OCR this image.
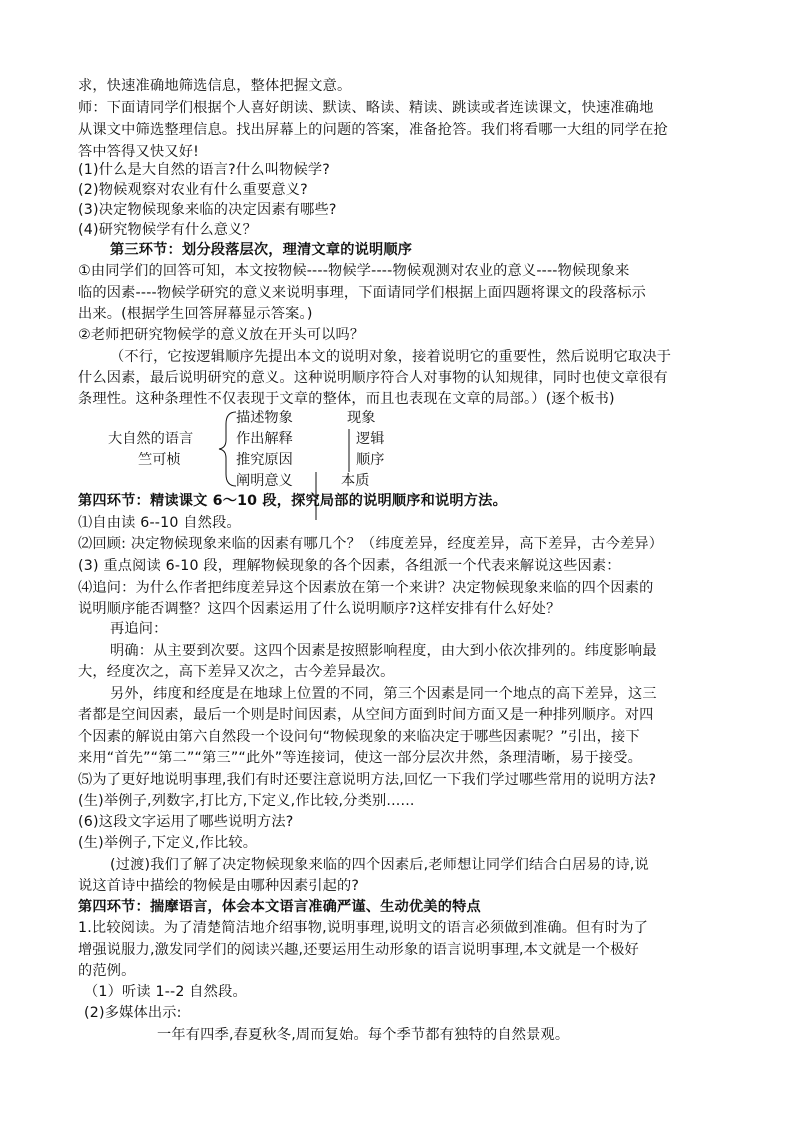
求，快速准确地筛选信息，整体把握文意。
师：下面请同学们根据个人喜好朗读、默读、略读、精读、跳读或者连读课文，快速准确地
从课文中筛选整理信息。找出屏幕上的问题的答案，准备抢答。我们将看哪一大组的同学在抢
答中答得又快又好!
(1)什么是大自然的语言?什么叫物候学?
(2)物候观察对农业有什么重要意义?
(3)决定物候现象来临的决定因素有哪些?
(4)研究物候学有什么意义？
第三环节：划分段落层次，理清文章的说明顺序
①由同学们的回答可知，本文按物候----物候学----物候观测对农业的意义----物候现象来
临的因素----物候学研究的意义来说明事理，下面请同学们根据上面四题将课文的段落标示
出来。(根据学生回答屏幕显示答案。)
②老师把研究物候学的意义放在开头可以吗？
（不行，它按逻辑顺序先提出本文的说明对象，接着说明它的重要性，然后说明它取决于
什么因素，最后说明研究的意义。这种说明顺序符合人对事物的认知规律，同时也使文章很有
条理性。这种条理性不仅表现于文章的整体，而且也表现在文章的局部。）(逐个板书)
大自然的语言
竺可桢
描述物象
作出解释
推究原因
阐明意义
现象
逻辑
顺序
本质
第四环节：精读课文 6～10 段，探究局部的说明顺序和说明方法。
⑴自由读 6--10 自然段。
⑵回顾: 决定物候现象来临的因素有哪几个？（纬度差异，经度差异，高下差异，古今差异）
(3) 重点阅读 6-10 段，理解物候现象的各个因素，各组派一个代表来解说这些因素：
⑷追问：为什么作者把纬度差异这个因素放在第一个来讲？决定物候现象来临的四个因素的
说明顺序能否调整？这四个因素运用了什么说明顺序?这样安排有什么好处？
再追问：
明确：从主要到次要。这四个因素是按照影响程度，由大到小依次排列的。纬度影响最
大，经度次之，高下差异又次之，古今差异最次。
另外，纬度和经度是在地球上位置的不同，第三个因素是同一个地点的高下差异，这三
者都是空间因素，最后一个则是时间因素，从空间方面到时间方面又是一种排列顺序。对四
个因素的解说由第六自然段一个设问句“物候现象的来临决定于哪些因素呢？”引出，接下
来用“首先”“第二”“第三”“此外”等连接词，使这一部分层次井然，条理清晰，易于接受。
⑸为了更好地说明事理,我们有时还要注意说明方法,回忆一下我们学过哪些常用的说明方法?
(生)举例子,列数字,打比方,下定义,作比较,分类别......
(6)这段文字运用了哪些说明方法?
(生)举例子,下定义,作比较。
(过渡)我们了解了决定物候现象来临的四个因素后,老师想让同学们结合白居易的诗,说
说这首诗中描绘的物候是由哪种因素引起的?
第四环节：揣摩语言，体会本文语言准确严谨、生动优美的特点
1.比较阅读。为了清楚简洁地介绍事物,说明事理,说明文的语言必须做到准确。但有时为了
增强说服力,激发同学们的阅读兴趣,还要运用生动形象的语言说明事理,本文就是一个极好
的范例。
（1）听读 1--2 自然段。
(2)多媒体出示:
一年有四季,春夏秋冬,周而复始。每个季节都有独特的自然景观。
